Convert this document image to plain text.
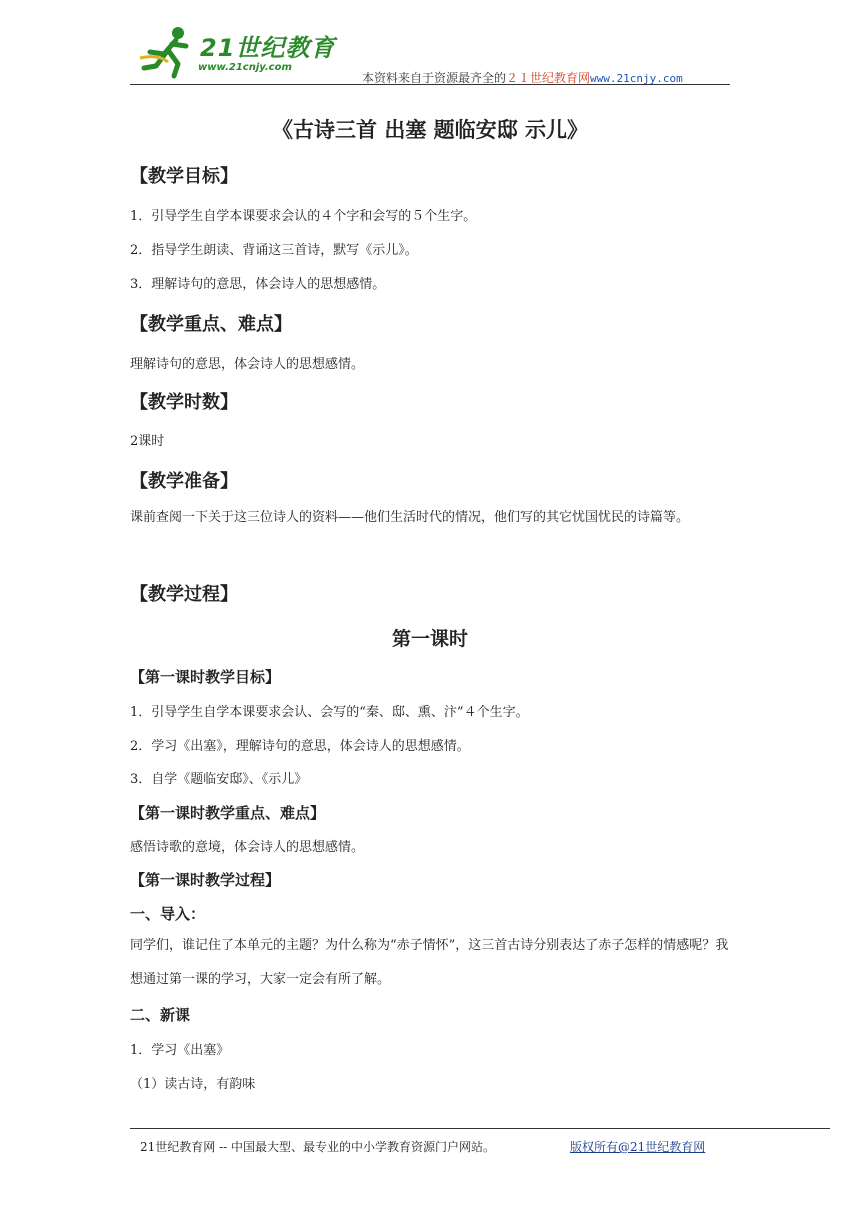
21世纪教育
www.21cnjy.com
本资料来自于资源最齐全的２１世纪教育网www.21cnjy.com
《古诗三首 出塞 题临安邸 示儿》
【教学目标】
1．引导学生自学本课要求会认的４个字和会写的５个生字。
2．指导学生朗读、背诵这三首诗，默写《示儿》。
3．理解诗句的意思，体会诗人的思想感情。
【教学重点、难点】
理解诗句的意思，体会诗人的思想感情。
【教学时数】
2课时
【教学准备】
课前查阅一下关于这三位诗人的资料——他们生活时代的情况，他们写的其它忧国忧民的诗篇等。
【教学过程】
第一课时
【第一课时教学目标】
1．引导学生自学本课要求会认、会写的“秦、邸、熏、汴”４个生字。
2．学习《出塞》，理解诗句的意思，体会诗人的思想感情。
3．自学《题临安邸》、《示儿》
【第一课时教学重点、难点】
感悟诗歌的意境，体会诗人的思想感情。
【第一课时教学过程】
一、导入：
同学们，谁记住了本单元的主题？为什么称为“赤子情怀”，这三首古诗分别表达了赤子怎样的情感呢？我想通过第一课的学习，大家一定会有所了解。
二、新课
1．学习《出塞》
（1）读古诗，有韵味
21世纪教育网 -- 中国最大型、最专业的中小学教育资源门户网站。	版权所有@21世纪教育网
